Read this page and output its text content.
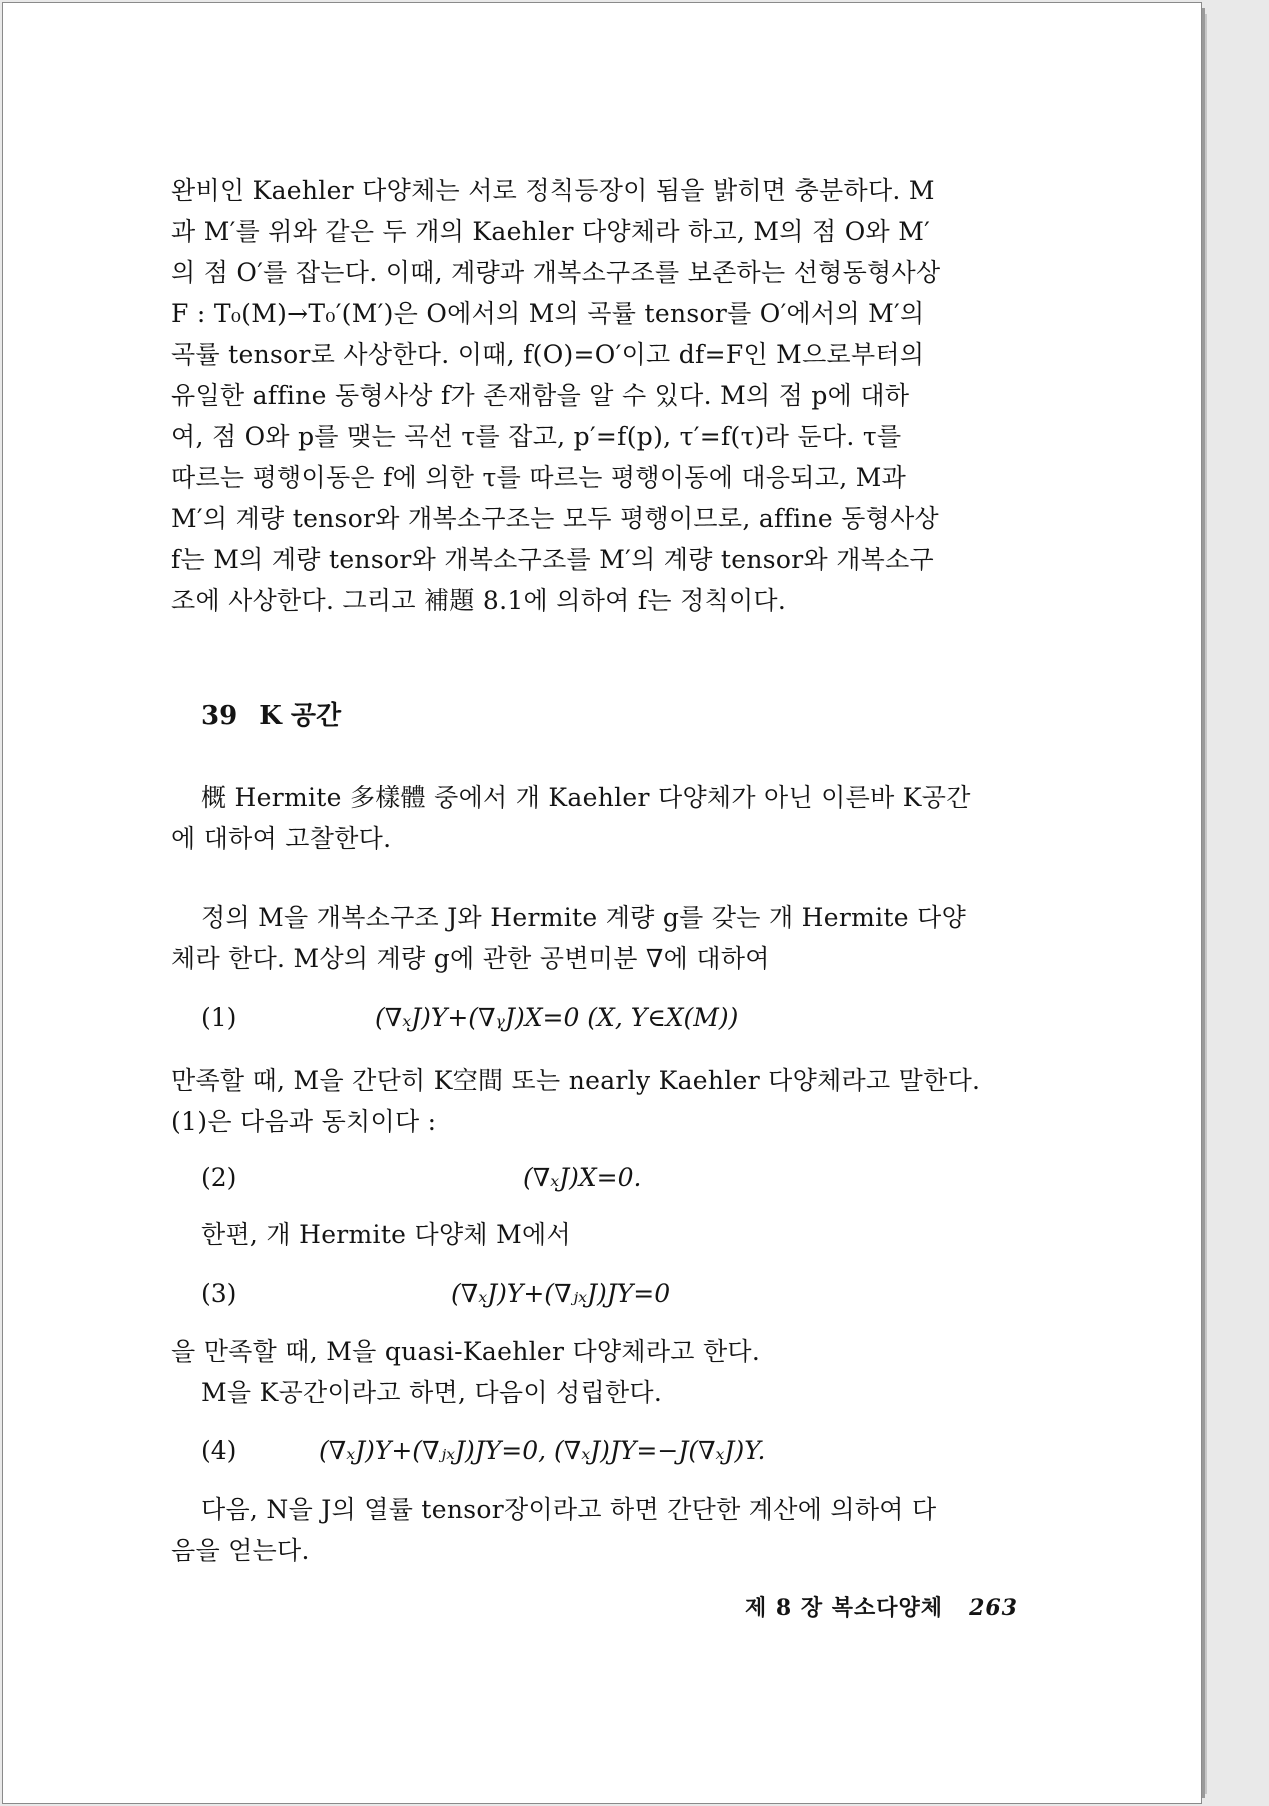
완비인 Kaehler 다양체는 서로 정칙등장이 됨을 밝히면 충분하다. M
과 M′를 위와 같은 두 개의 Kaehler 다양체라 하고, M의 점 O와 M′
의 점 O′를 잡는다. 이때, 계량과 개복소구조를 보존하는 선형동형사상
F : T₀(M)→T₀′(M′)은 O에서의 M의 곡률 tensor를 O′에서의 M′의
곡률 tensor로 사상한다. 이때, f(O)=O′이고 df=F인 M으로부터의
유일한 affine 동형사상 f가 존재함을 알 수 있다. M의 점 p에 대하
여, 점 O와 p를 맺는 곡선 τ를 잡고, p′=f(p), τ′=f(τ)라 둔다. τ를
따르는 평행이동은 f에 의한 τ를 따르는 평행이동에 대응되고, M과
M′의 계량 tensor와 개복소구조는 모두 평행이므로, affine 동형사상
f는 M의 계량 tensor와 개복소구조를 M′의 계량 tensor와 개복소구
조에 사상한다. 그리고 補題 8.1에 의하여 f는 정칙이다.
39 K 공간
概 Hermite 多樣體 중에서 개 Kaehler 다양체가 아닌 이른바 K공간
에 대하여 고찰한다.
정의 M을 개복소구조 J와 Hermite 계량 g를 갖는 개 Hermite 다양
체라 한다. M상의 계량 g에 관한 공변미분 ∇에 대하여
(1)	(∇ₓJ)Y+(∇ᵧJ)X=0 (X, Y∈X(M))
만족할 때, M을 간단히 K空間 또는 nearly Kaehler 다양체라고 말한다.
(1)은 다음과 동치이다 :
(2)	(∇ₓJ)X=0.
한편, 개 Hermite 다양체 M에서
(3)	(∇ₓJ)Y+(∇ⱼₓJ)JY=0
을 만족할 때, M을 quasi-Kaehler 다양체라고 한다.
M을 K공간이라고 하면, 다음이 성립한다.
(4)	(∇ₓJ)Y+(∇ⱼₓJ)JY=0, (∇ₓJ)JY=−J(∇ₓJ)Y.
다음, N을 J의 열률 tensor장이라고 하면 간단한 계산에 의하여 다
음을 얻는다.
제 8 장 복소다양체 263
